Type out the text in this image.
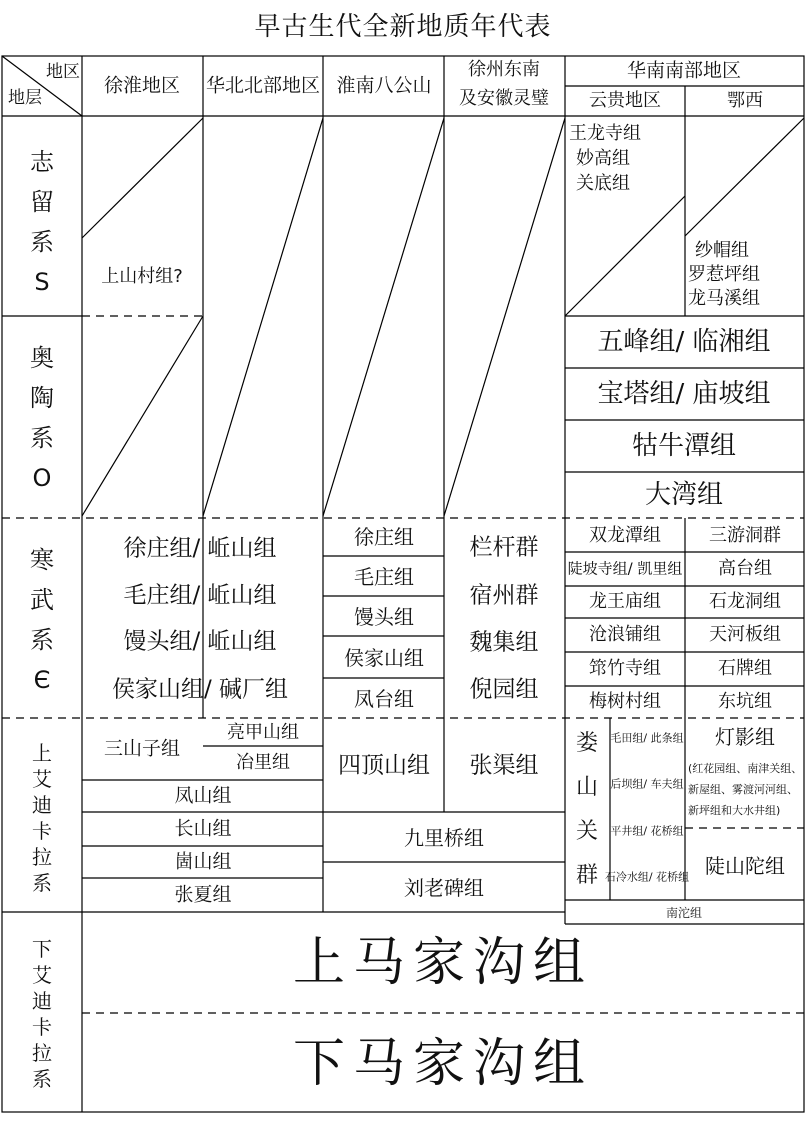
早古生代全新地质年代表
地区
地层
徐淮地区 华北北部地区 淮南八公山
徐州东南
及安徽灵璧
华南南部地区
云贵地区	鄂西
志
留
系
S
奥
陶
系
O
寒
武
系
Є
上
艾
迪
卡
拉
系
下
艾
迪
卡
拉
系
上山村组?
王龙寺组
妙高组
关底组
纱帽组
罗惹坪组
龙马溪组
五峰组/ 临湘组
宝塔组/ 庙坡组
牯牛潭组
大湾组
徐庄组/ 岴山组
毛庄组/ 岴山组
馒头组/ 岴山组
侯家山组/ 碱厂组
徐庄组
毛庄组
馒头组
侯家山组
凤台组
栏杆群
宿州群
魏集组
倪园组
双龙潭组
陡坡寺组/ 凯里组
龙王庙组
沧浪铺组
筇竹寺组
梅树村组
三游洞群
高台组
石龙洞组
天河板组
石牌组
东坑组
三山子组
亮甲山组
冶里组
凤山组
长山组
崮山组
张夏组
四顶山组 张渠组
九里桥组
刘老碑组
娄
山
关
群
毛田组/ 此条组
后坝组/ 车夫组
平井组/ 花桥组
石冷水组/ 花桥组
灯影组
(红花园组、南津关组、
新屋组、雾渡河河组、
新坪组和大水井组)
陡山陀组
南沱组
上马家沟组
下马家沟组
